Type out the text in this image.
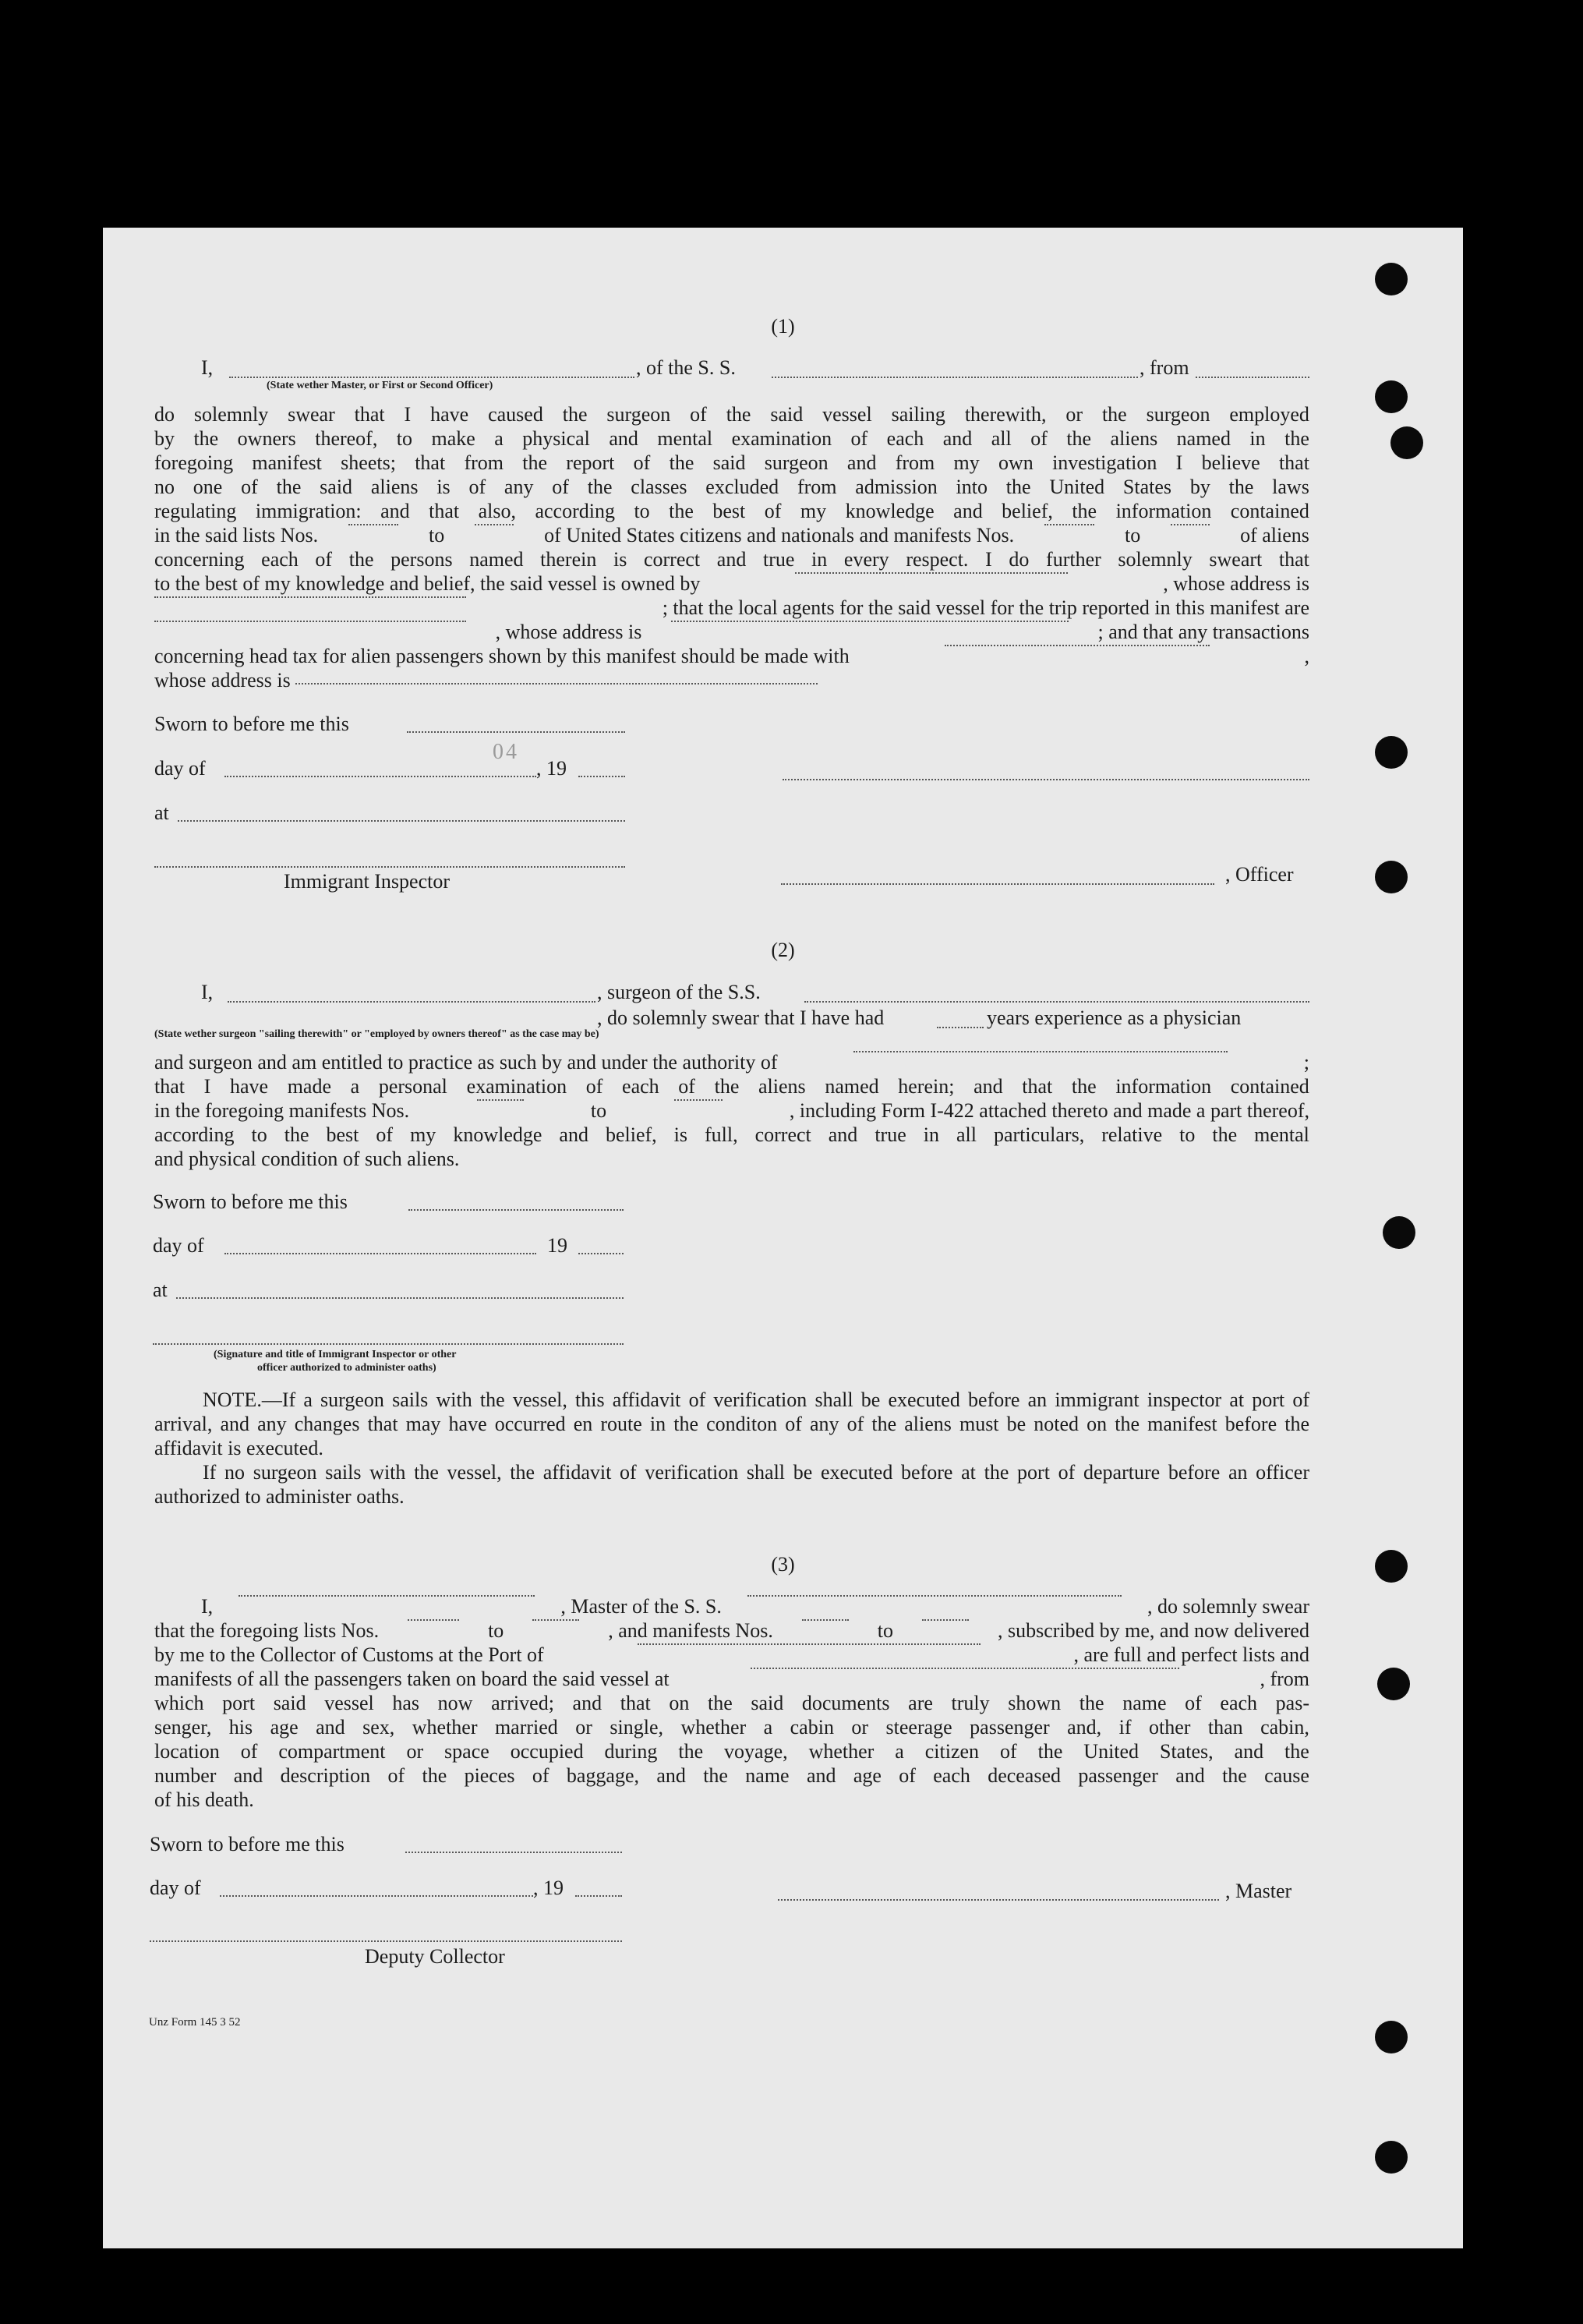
(1)
I,	, of the S. S.	, from
(State wether Master, or First or Second Officer)
do solemnly swear that I have caused the surgeon of the said vessel sailing therewith, or the surgeon employed
by the owners thereof, to make a physical and mental examination of each and all of the aliens named in the
foregoing manifest sheets; that from the report of the said surgeon and from my own investigation I believe that
no one of the said aliens is of any of the classes excluded from admission into the United States by the laws
regulating immigration: and that also, according to the best of my knowledge and belief, the information contained
in the said lists Nos.	to	of United States citizens and nationals and manifests Nos.	to	of aliens
concerning each of the persons named therein is correct and true in every respect. I do further solemnly sweart that
to the best of my knowledge and belief, the said vessel is owned by	, whose address is
; that the local agents for the said vessel for the trip reported in this manifest are
, whose address is	; and that any transactions
concerning head tax for alien passengers shown by this manifest should be made with	,
whose address is
Sworn to before me this
04
day of	, 19
at
Immigrant Inspector	, Officer
(2)
I,	, surgeon of the S.S.
, do solemnly swear that I have had	years experience as a physician
(State wether surgeon "sailing therewith" or "employed by owners thereof" as the case may be)
and surgeon and am entitled to practice as such by and under the authority of	;
that I have made a personal examination of each of the aliens named herein; and that the information contained
in the foregoing manifests Nos.	to	, including Form I-422 attached thereto and made a part thereof,
according to the best of my knowledge and belief, is full, correct and true in all particulars, relative to the mental
and physical condition of such aliens.
Sworn to before me this
day of	19
at
(Signature and title of Immigrant Inspector or other
officer authorized to administer oaths)
NOTE.—If a surgeon sails with the vessel, this affidavit of verification shall be executed before an immigrant inspector at port of arrival, and any changes that may have occurred en route in the conditon of any of the aliens must be noted on the manifest before the affidavit is executed.
If no surgeon sails with the vessel, the affidavit of verification shall be executed before at the port of departure before an officer authorized to administer oaths.
(3)
I,	, Master of the S. S.	, do solemnly swear
that the foregoing lists Nos.	to	, and manifests Nos.	to	, subscribed by me, and now delivered
by me to the Collector of Customs at the Port of	, are full and perfect lists and
manifests of all the passengers taken on board the said vessel at	, from
which port said vessel has now arrived; and that on the said documents are truly shown the name of each pas-
senger, his age and sex, whether married or single, whether a cabin or steerage passenger and, if other than cabin,
location of compartment or space occupied during the voyage, whether a citizen of the United States, and the
number and description of the pieces of baggage, and the name and age of each deceased passenger and the cause
of his death.
Sworn to before me this
day of	, 19	, Master
Deputy Collector
Unz Form 145 3 52
